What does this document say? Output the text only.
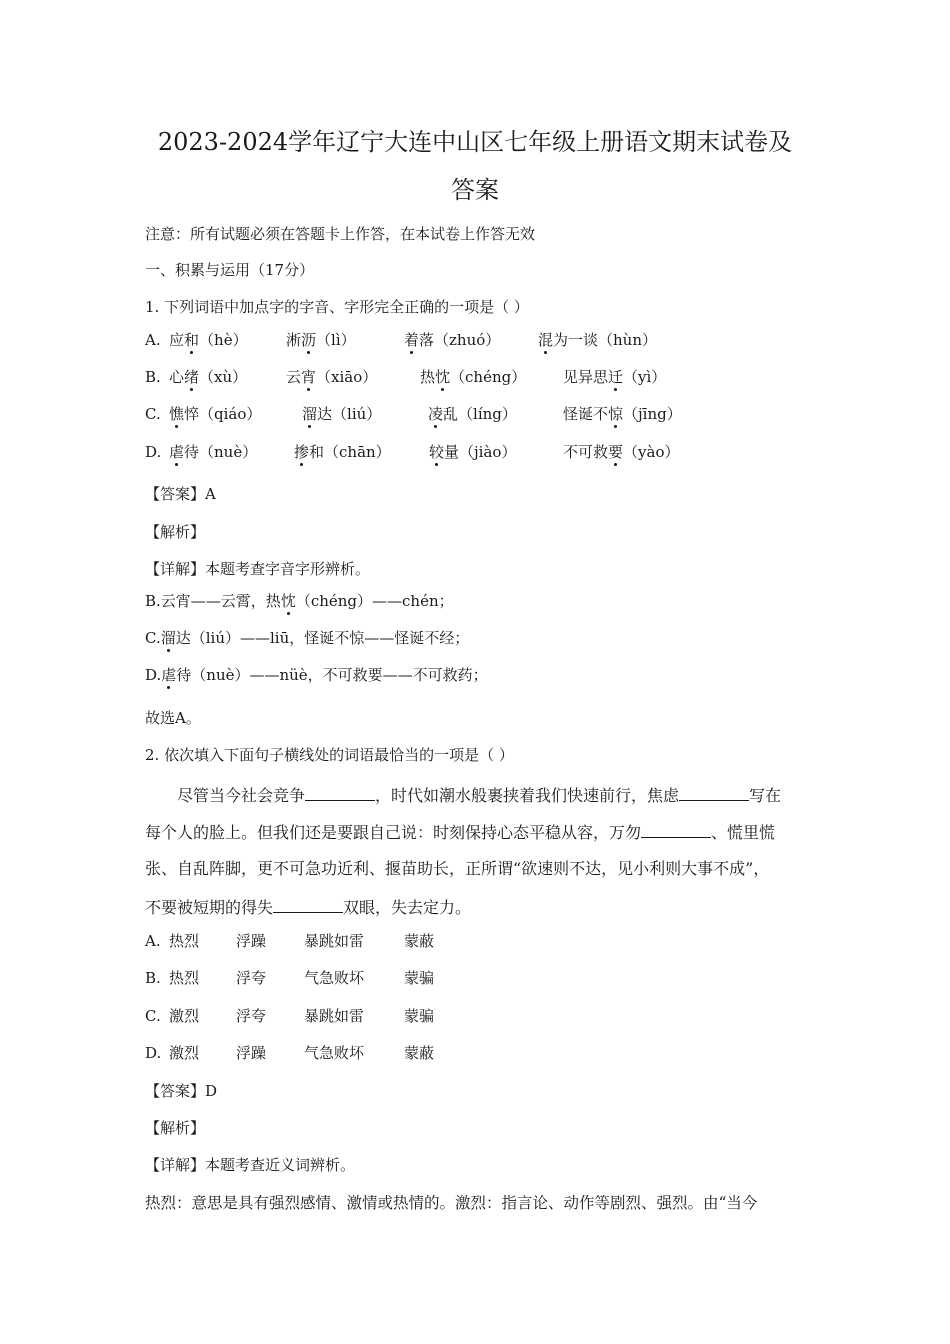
2023-2024学年辽宁大连中山区七年级上册语文期末试卷及
答案
注意：所有试题必须在答题卡上作答，在本试卷上作答无效
一、积累与运用（17分）
1. 下列词语中加点字的字音、字形完全正确的一项是（ ）
A. 应和（hè）	淅沥（lì）	着落（zhuó）	混为一谈（hùn）
B. 心绪（xù）	云宵（xiāo）	热忱（chéng） 见异思迁（yì）
C. 憔悴（qiáo）	溜达（liú）	凌乱（líng）	怪诞不惊（jīng）
D. 虐待（nuè） 掺和（chān）	较量（jiào）	不可救要（yào）
【答案】A
【解析】
【详解】本题考查字音字形辨析。
B.云宵——云霄，热忱（chéng）——chén；
C.溜达（liú）——liū，怪诞不惊——怪诞不经；
D.虐待（nuè）——nüè，不可救要——不可救药；
故选A。
2. 依次填入下面句子横线处的词语最恰当的一项是（ ）
尽管当今社会竞争	，时代如潮水般裹挟着我们快速前行，焦虑	写在
每个人的脸上。但我们还是要跟自己说：时刻保持心态平稳从容，万勿	、慌里慌
张、自乱阵脚，更不可急功近利、揠苗助长，正所谓“欲速则不达，见小利则大事不成”，
不要被短期的得失	双眼，失去定力。
A. 热烈 浮躁	暴跳如雷	蒙蔽
B. 热烈 浮夸	气急败坏	蒙骗
C. 激烈 浮夸	暴跳如雷	蒙骗
D. 激烈 浮躁	气急败坏	蒙蔽
【答案】D
【解析】
【详解】本题考查近义词辨析。
热烈：意思是具有强烈感情、激情或热情的。激烈：指言论、动作等剧烈、强烈。由“当今
